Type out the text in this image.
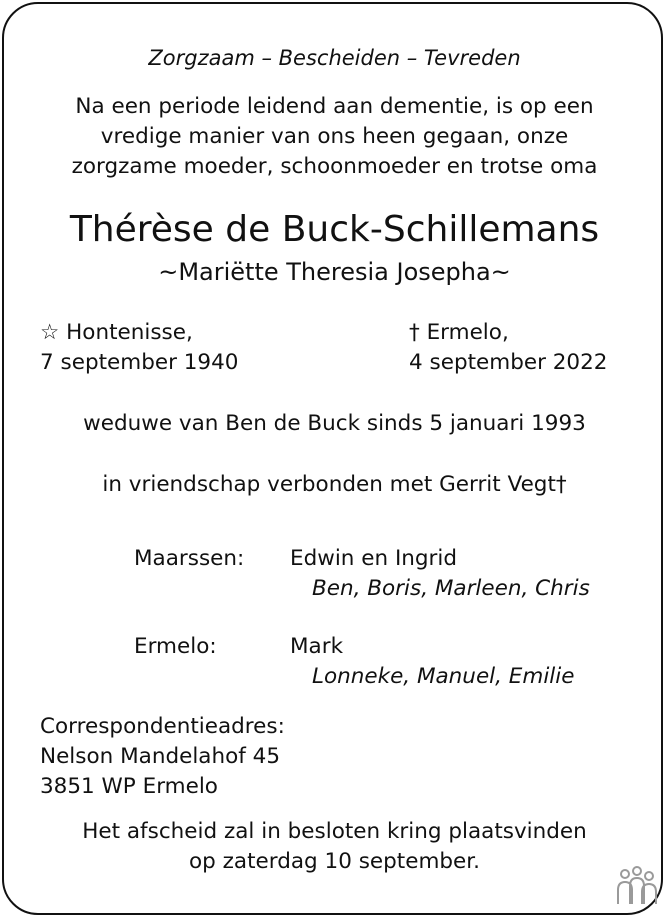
Zorgzaam – Bescheiden – Tevreden
Na een periode leidend aan dementie, is op een
vredige manier van ons heen gegaan, onze
zorgzame moeder, schoonmoeder en trotse oma
Thérèse de Buck-Schillemans
~Mariëtte Theresia Josepha~
☆ Hontenisse,
7 september 1940
† Ermelo,
4 september 2022
weduwe van Ben de Buck sinds 5 januari 1993
in vriendschap verbonden met Gerrit Vegt†
Maarssen: Edwin en Ingrid
Ben, Boris, Marleen, Chris
Ermelo:	Mark
Lonneke, Manuel, Emilie
Correspondentieadres:
Nelson Mandelahof 45
3851 WP Ermelo
Het afscheid zal in besloten kring plaatsvinden
op zaterdag 10 september.
